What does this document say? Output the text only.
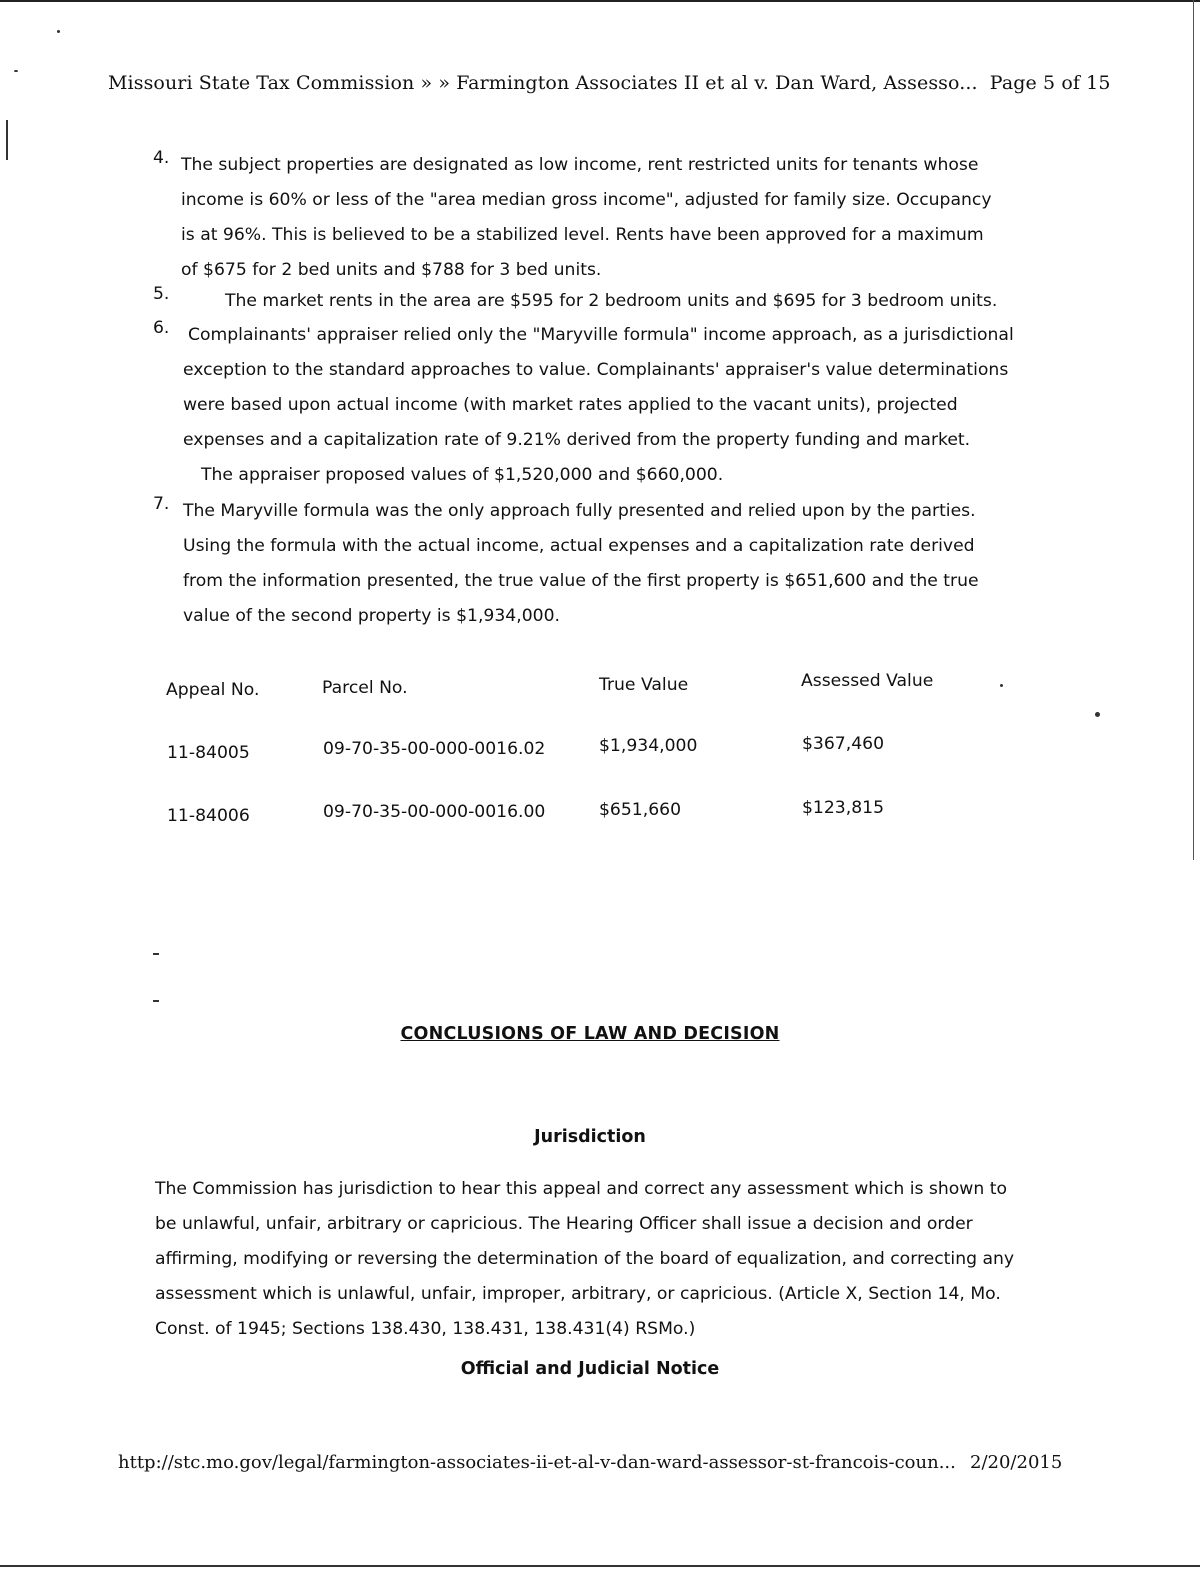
Missouri State Tax Commission » » Farmington Associates II et al v. Dan Ward, Assesso... Page 5 of 15
4. The subject properties are designated as low income, rent restricted units for tenants whose
income is 60% or less of the "area median gross income", adjusted for family size. Occupancy
is at 96%. This is believed to be a stabilized level. Rents have been approved for a maximum
of $675 for 2 bed units and $788 for 3 bed units.
5.	The market rents in the area are $595 for 2 bedroom units and $695 for 3 bedroom units.
6.	Complainants' appraiser relied only the "Maryville formula" income approach, as a jurisdictional
exception to the standard approaches to value. Complainants' appraiser's value determinations
were based upon actual income (with market rates applied to the vacant units), projected
expenses and a capitalization rate of 9.21% derived from the property funding and market.
The appraiser proposed values of $1,520,000 and $660,000.
7. The Maryville formula was the only approach fully presented and relied upon by the parties.
Using the formula with the actual income, actual expenses and a capitalization rate derived
from the information presented, the true value of the first property is $651,600 and the true
value of the second property is $1,934,000.
Appeal No.	Parcel No.	True Value	Assessed Value
11-84005	09-70-35-00-000-0016.02	$1,934,000	$367,460
11-84006	09-70-35-00-000-0016.00	$651,660	$123,815
CONCLUSIONS OF LAW AND DECISION
Jurisdiction
The Commission has jurisdiction to hear this appeal and correct any assessment which is shown to
be unlawful, unfair, arbitrary or capricious. The Hearing Officer shall issue a decision and order
affirming, modifying or reversing the determination of the board of equalization, and correcting any
assessment which is unlawful, unfair, improper, arbitrary, or capricious. (Article X, Section 14, Mo.
Const. of 1945; Sections 138.430, 138.431, 138.431(4) RSMo.)
Official and Judicial Notice
http://stc.mo.gov/legal/farmington-associates-ii-et-al-v-dan-ward-assessor-st-francois-coun... 2/20/2015
